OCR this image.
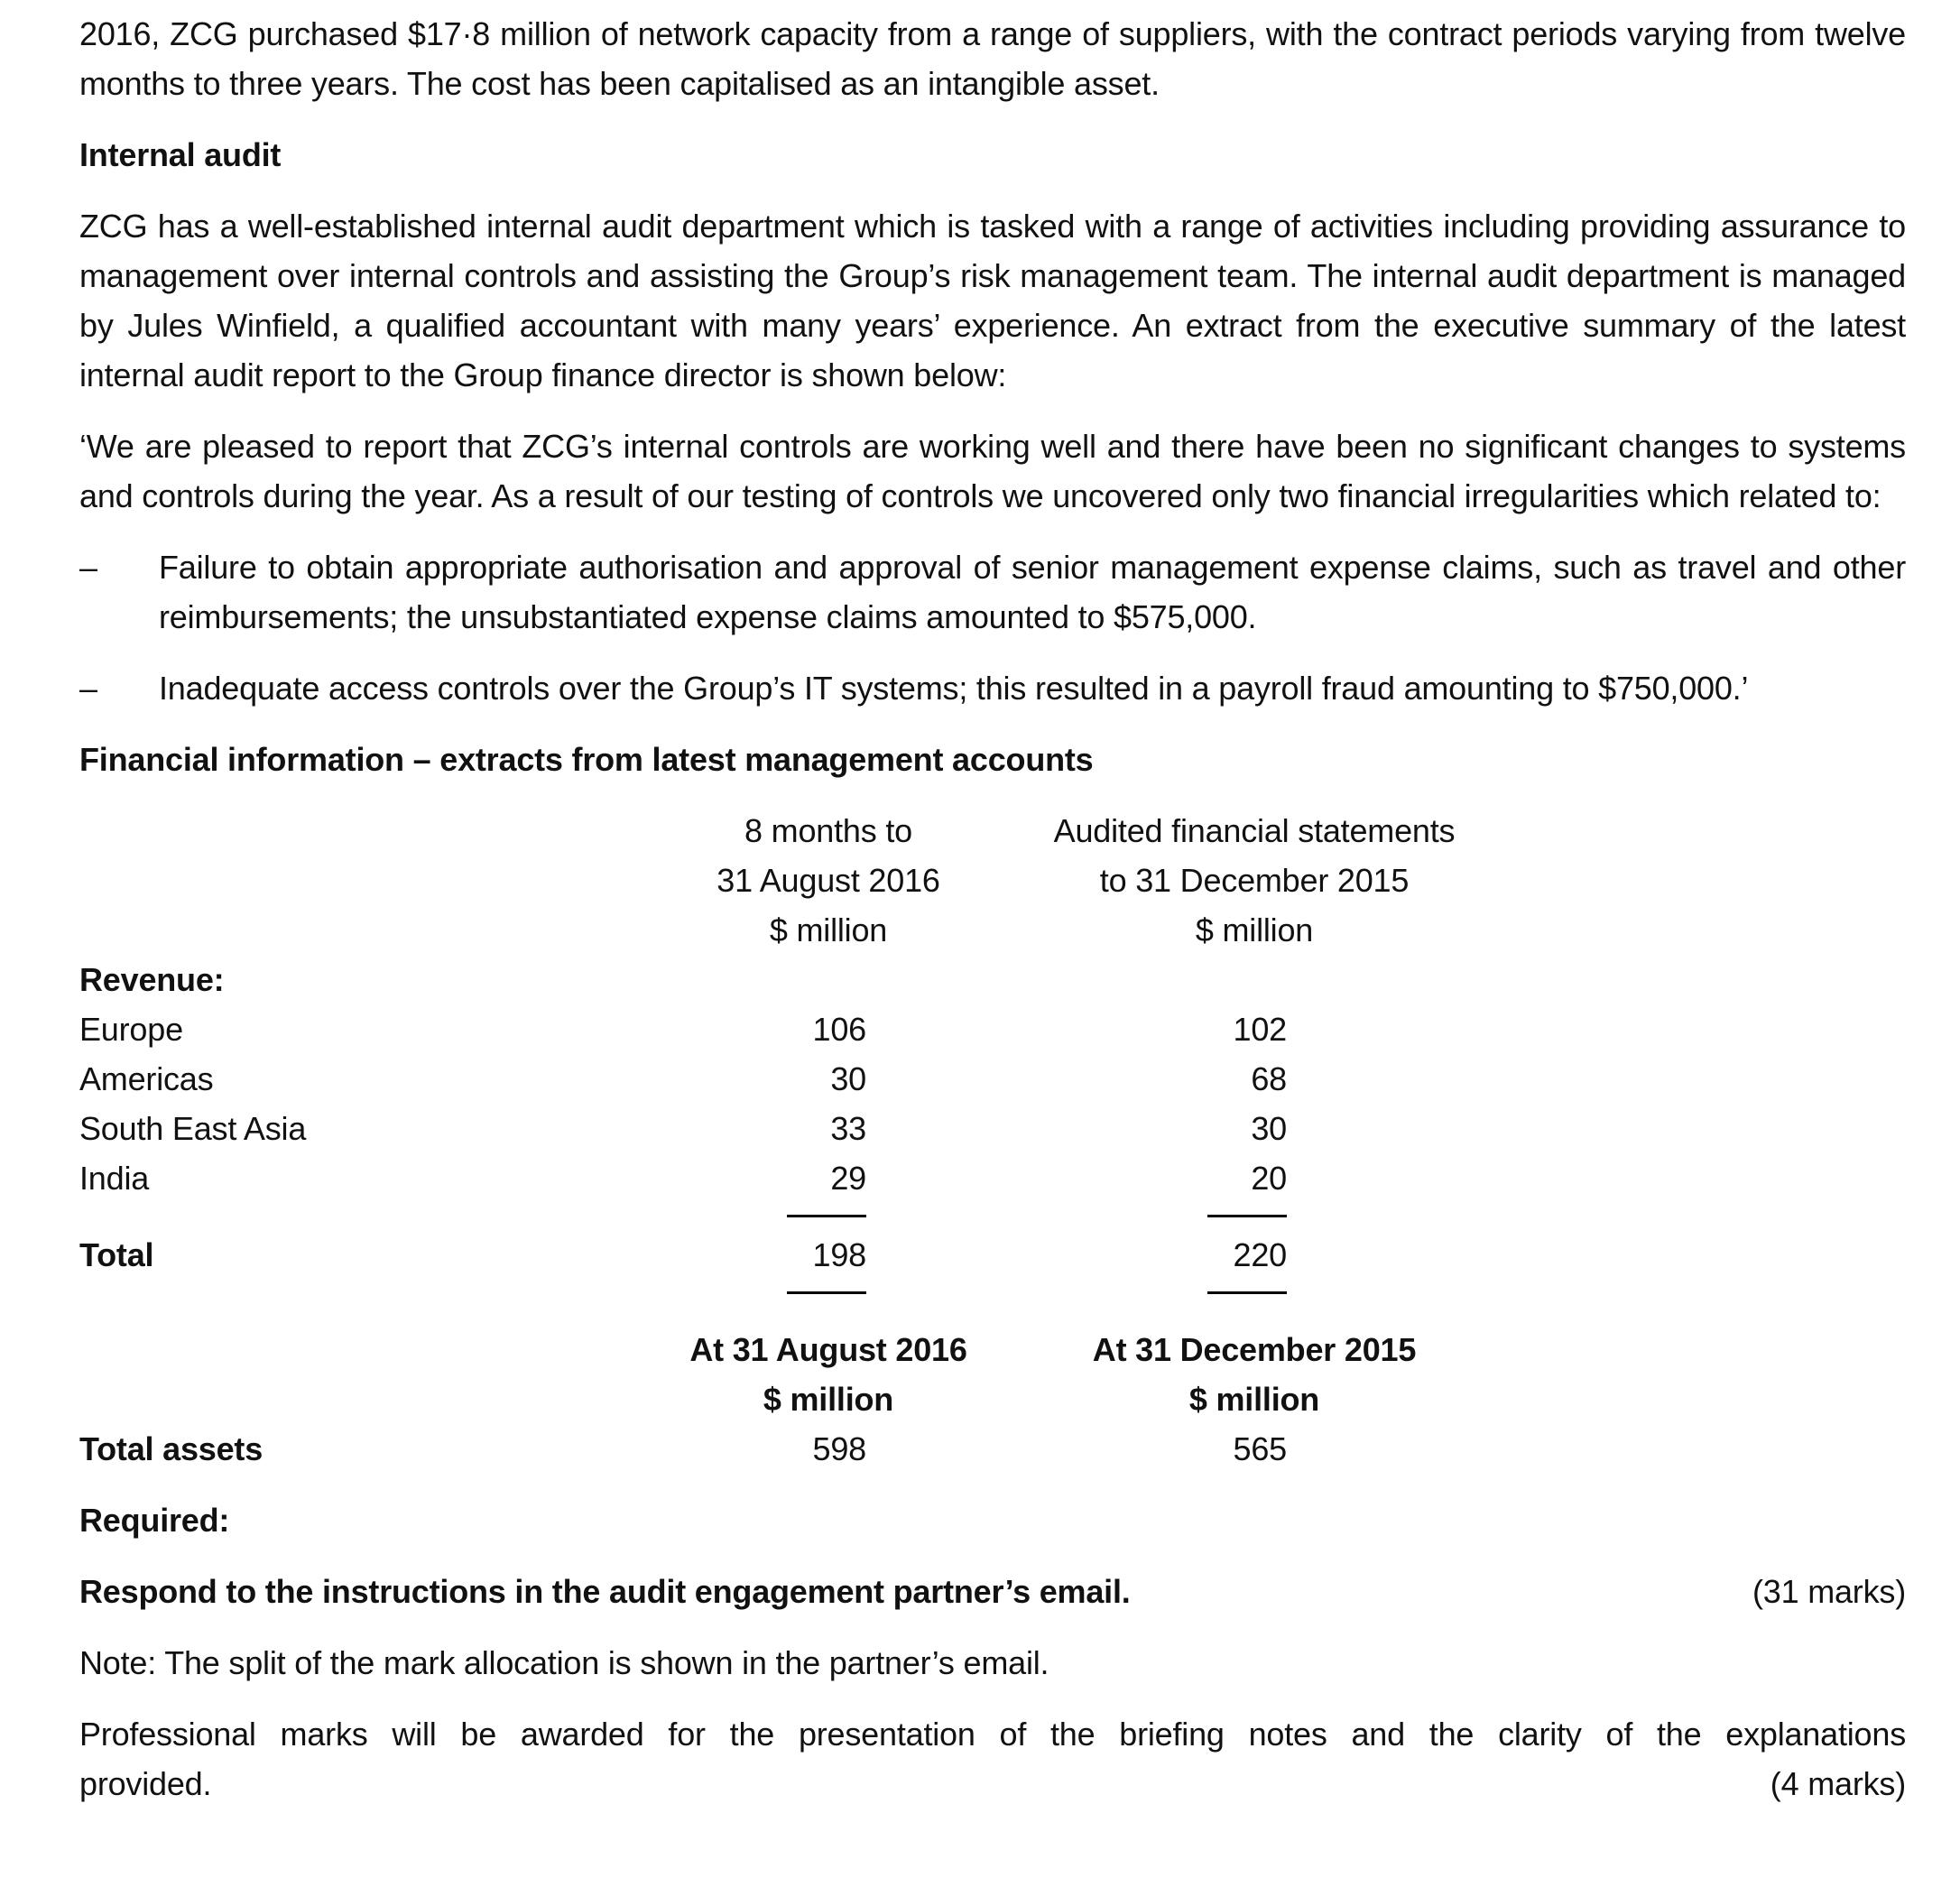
2016, ZCG purchased $17·8 million of network capacity from a range of suppliers, with the contract periods varying from twelve months to three years. The cost has been capitalised as an intangible asset.

Internal audit

ZCG has a well-established internal audit department which is tasked with a range of activities including providing assurance to management over internal controls and assisting the Group’s risk management team. The internal audit department is managed by Jules Winfield, a qualified accountant with many years’ experience. An extract from the executive summary of the latest internal audit report to the Group finance director is shown below:

‘We are pleased to report that ZCG’s internal controls are working well and there have been no significant changes to systems and controls during the year. As a result of our testing of controls we uncovered only two financial irregularities which related to:

– Failure to obtain appropriate authorisation and approval of senior management expense claims, such as travel and other reimbursements; the unsubstantiated expense claims amounted to $575,000.
– Inadequate access controls over the Group’s IT systems; this resulted in a payroll fraud amounting to $750,000.’
Financial information – extracts from latest management accounts
8 months to	Audited financial statements
31 August 2016	to 31 December 2015
$ million	$ million
Revenue:
Europe	106	102
Americas	30	68
South East Asia	33	30
India	29	20
Total	198	220
At 31 August 2016	At 31 December 2015
$ million	$ million
Total assets	598	565
Required:
Respond to the instructions in the audit engagement partner’s email.	(31 marks)
Note: The split of the mark allocation is shown in the partner’s email.
Professional marks will be awarded for the presentation of the briefing notes and the clarity of the explanations
provided.	(4 marks)
